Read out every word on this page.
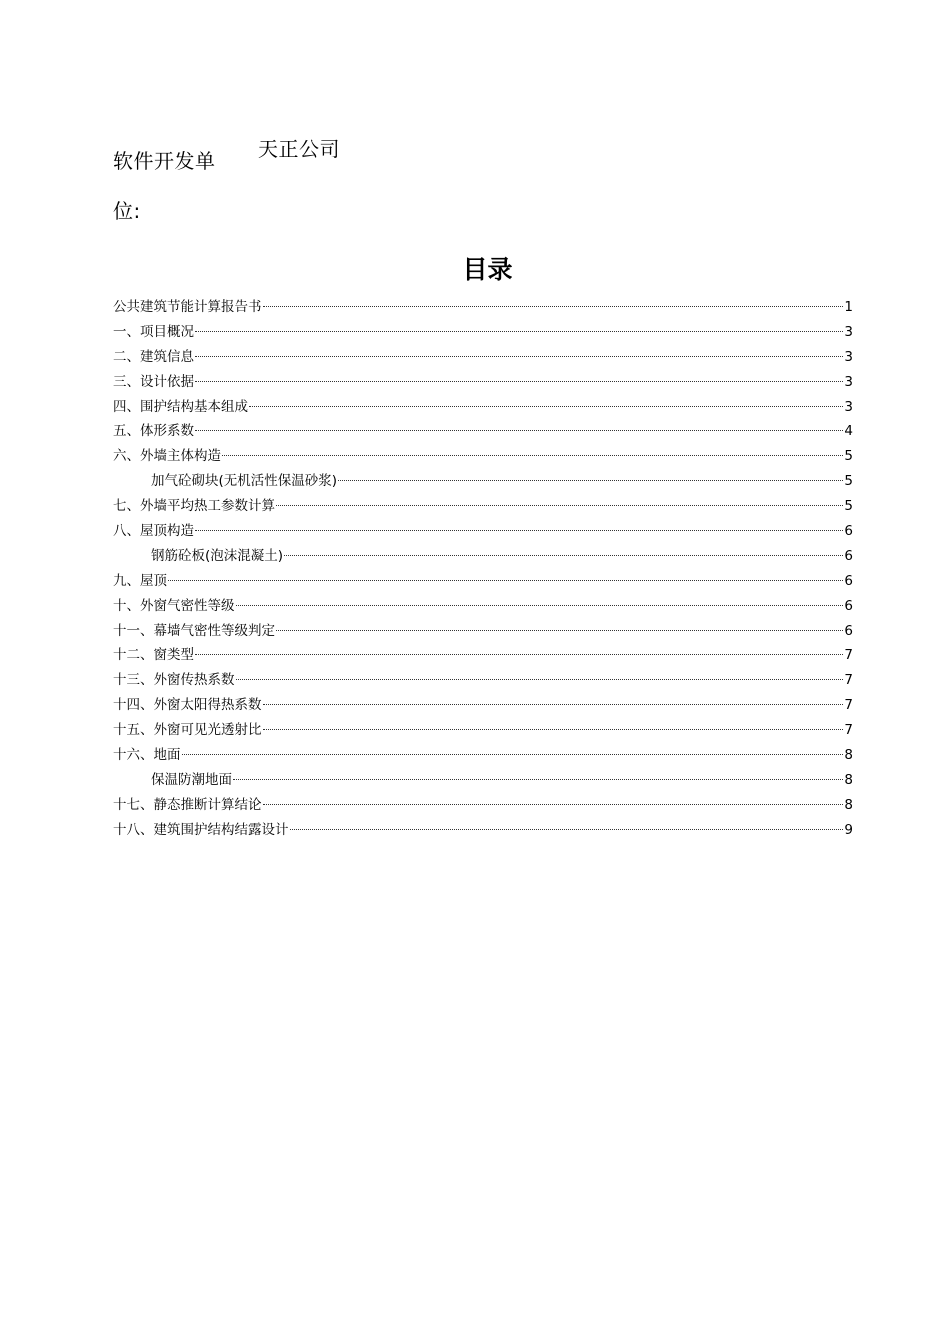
软件开发单位:
天正公司
目录
公共建筑节能计算报告书	1
一、项目概况	3
二、建筑信息	3
三、设计依据	3
四、围护结构基本组成	3
五、体形系数	4
六、外墙主体构造	5
加气砼砌块(无机活性保温砂浆)	5
七、外墙平均热工参数计算	5
八、屋顶构造	6
钢筋砼板(泡沫混凝土)	6
九、屋顶	6
十、外窗气密性等级	6
十一、幕墙气密性等级判定	6
十二、窗类型	7
十三、外窗传热系数	7
十四、外窗太阳得热系数	7
十五、外窗可见光透射比	7
十六、地面	8
保温防潮地面	8
十七、静态推断计算结论	8
十八、建筑围护结构结露设计	9
